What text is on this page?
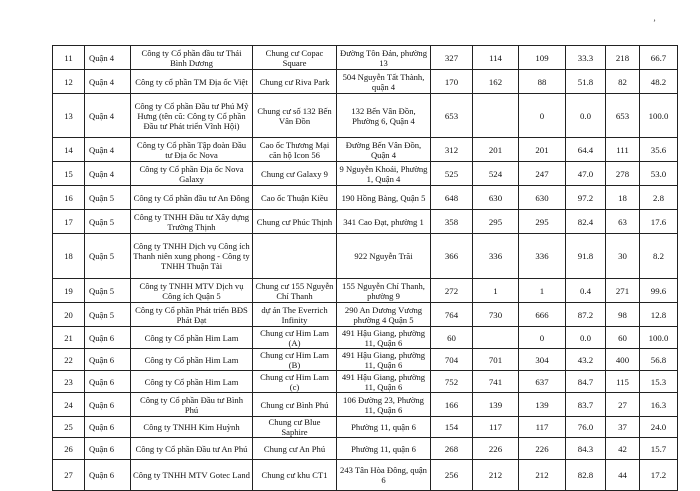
’
11	Quận 4	Công ty Cổ phần đầu tư Thái Bình Dương	Chung cư Copac Square	Đường Tôn Đản, phường 13	327	114	109	33.3	218	66.7
12	Quận 4	Công ty cổ phần TM Địa ốc Việt	Chung cư Riva Park	504 Nguyễn Tất Thành, quận 4	170	162	88	51.8	82	48.2
13	Quận 4	Công ty Cổ phần Đầu tư Phú Mỹ Hưng (tên cũ: Công ty Cổ phần Đầu tư Phát triển Vĩnh Hội)	Chung cư số 132 Bến Vân Đồn	132 Bến Vân Đồn, Phường 6, Quận 4	653		0	0.0	653	100.0
14	Quận 4	Công ty Cổ phần Tập đoàn Đầu tư Địa ốc Nova	Cao ốc Thương Mại căn hộ Icon 56	Đường Bến Vân Đồn, Quận 4	312	201	201	64.4	111	35.6
15	Quận 4	Công ty Cổ phần Địa ốc Nova Galaxy	Chung cư Galaxy 9	9 Nguyễn Khoái, Phường 1, Quận 4	525	524	247	47.0	278	53.0
16	Quận 5	Công ty Cổ phần đầu tư An Đông	Cao ốc Thuận Kiều	190 Hồng Bàng, Quận 5	648	630	630	97.2	18	2.8
17	Quận 5	Công ty TNHH Đầu tư Xây dựng Trường Thịnh	Chung cư Phúc Thịnh	341 Cao Đạt, phường 1	358	295	295	82.4	63	17.6
18	Quận 5	Công ty TNHH Dịch vụ Công ích Thanh niên xung phong - Công ty TNHH Thuận Tài		922 Nguyễn Trãi	366	336	336	91.8	30	8.2
19	Quận 5	Công ty TNHH MTV Dịch vụ Công ích Quận 5	Chung cư 155 Nguyễn Chí Thanh	155 Nguyễn Chí Thanh, phường 9	272	1	1	0.4	271	99.6
20	Quận 5	Công ty Cổ phần Phát triển BĐS Phát Đạt	dự án The Everrich Infinity	290 An Dương Vương phường 4 Quận 5	764	730	666	87.2	98	12.8
21	Quận 6	Công ty Cổ phần Him Lam	Chung cư Him Lam (A)	491 Hậu Giang, phường 11, Quận 6	60		0	0.0	60	100.0
22	Quận 6	Công ty Cổ phần Him Lam	Chung cư Him Lam (B)	491 Hậu Giang, phường 11, Quận 6	704	701	304	43.2	400	56.8
23	Quận 6	Công ty Cổ phần Him Lam	Chung cư Him Lam (c)	491 Hậu Giang, phường 11, Quận 6	752	741	637	84.7	115	15.3
24	Quận 6	Công ty Cổ phần Đầu tư Bình Phú	Chung cư Bình Phú	106 Đường 23, Phường 11, Quận 6	166	139	139	83.7	27	16.3
25	Quận 6	Công ty TNHH Kim Huỳnh	Chung cư Blue Saphire	Phường 11, quận 6	154	117	117	76.0	37	24.0
26	Quận 6	Công ty Cổ phần Đầu tư An Phú	Chung cư An Phú	Phường 11, quận 6	268	226	226	84.3	42	15.7
27	Quận 6	Công ty TNHH MTV Gotec Land	Chung cư khu CT1	243 Tân Hòa Đông, quận 6	256	212	212	82.8	44	17.2
